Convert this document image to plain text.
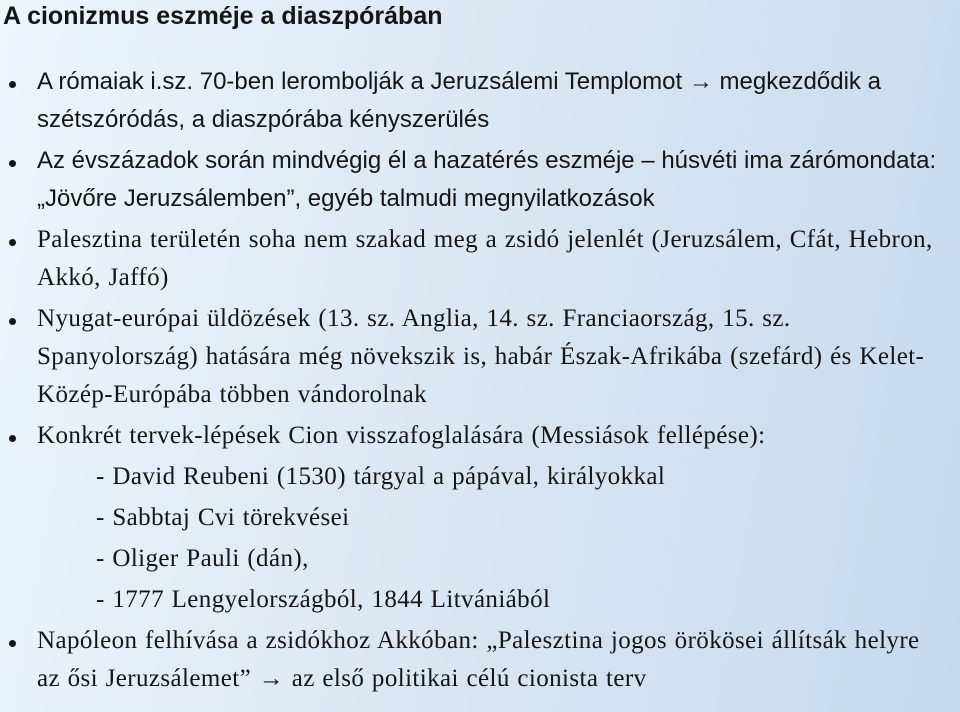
A cionizmus eszméje a diaszpórában
A rómaiak i.sz. 70-ben lerombolják a Jeruzsálemi Templomot → megkezdődik a
szétszóródás, a diaszpórába kényszerülés
Az évszázadok során mindvégig él a hazatérés eszméje – húsvéti ima zárómondata:
„Jövőre Jeruzsálemben”, egyéb talmudi megnyilatkozások
Palesztina területén soha nem szakad meg a zsidó jelenlét (Jeruzsálem, Cfát, Hebron,
Akkó, Jaffó)
Nyugat-európai üldözések (13. sz. Anglia, 14. sz. Franciaország, 15. sz.
Spanyolország) hatására még növekszik is, habár Észak-Afrikába (szefárd) és Kelet-
Közép-Európába többen vándorolnak
Konkrét tervek-lépések Cion visszafoglalására (Messiások fellépése):
- David Reubeni (1530) tárgyal a pápával, királyokkal
- Sabbtaj Cvi törekvései
- Oliger Pauli (dán),
- 1777 Lengyelországból, 1844 Litvániából
Napóleon felhívása a zsidókhoz Akkóban: „Palesztina jogos örökösei állítsák helyre
az ősi Jeruzsálemet” → az első politikai célú cionista terv
